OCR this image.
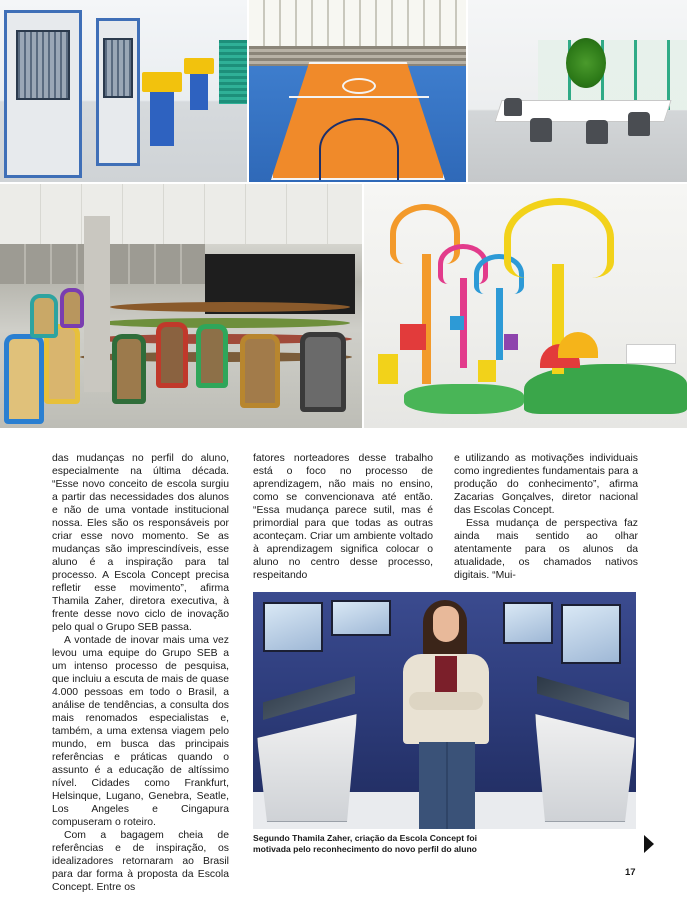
das mudanças no perfil do aluno, especialmente na última década. “Esse novo conceito de escola surgiu a partir das necessidades dos alunos e não de uma vontade institucional nossa. Eles são os responsáveis por criar esse novo momento. Se as mudanças são imprescindíveis, esse aluno é a inspiração para tal processo. A Escola Concept precisa refletir esse movimento”, afirma Thamila Zaher, diretora executiva, à frente desse novo ciclo de inovação pelo qual o Grupo SEB passa.

A vontade de inovar mais uma vez levou uma equipe do Grupo SEB a um intenso processo de pesquisa, que incluiu a escuta de mais de quase 4.000 pessoas em todo o Brasil, a análise de tendências, a consulta dos mais renomados especialistas e, também, a uma extensa viagem pelo mundo, em busca das principais referências e práticas quando o assunto é a educação de altíssimo nível. Cidades como Frankfurt, Helsinque, Lugano, Genebra, Seatle, Los Angeles e Cingapura compuseram o roteiro.

Com a bagagem cheia de referências e de inspiração, os idealizadores retornaram ao Brasil para dar forma à proposta da Escola Concept. Entre os

fatores norteadores desse trabalho está o foco no processo de aprendizagem, não mais no ensino, como se convencionava até então. “Essa mudança parece sutil, mas é primordial para que todas as outras aconteçam. Criar um ambiente voltado à aprendizagem significa colocar o aluno no centro desse processo, respeitando

e utilizando as motivações individuais como ingredientes fundamentais para a produção do conhecimento”, afirma Zacarias Gonçalves, diretor nacional das Escolas Concept.

Essa mudança de perspectiva faz ainda mais sentido ao olhar atentamente para os alunos da atualidade, os chamados nativos digitais. “Mui-

Segundo Thamila Zaher, criação da Escola Concept foi
motivada pelo reconhecimento do novo perfil do aluno
17
